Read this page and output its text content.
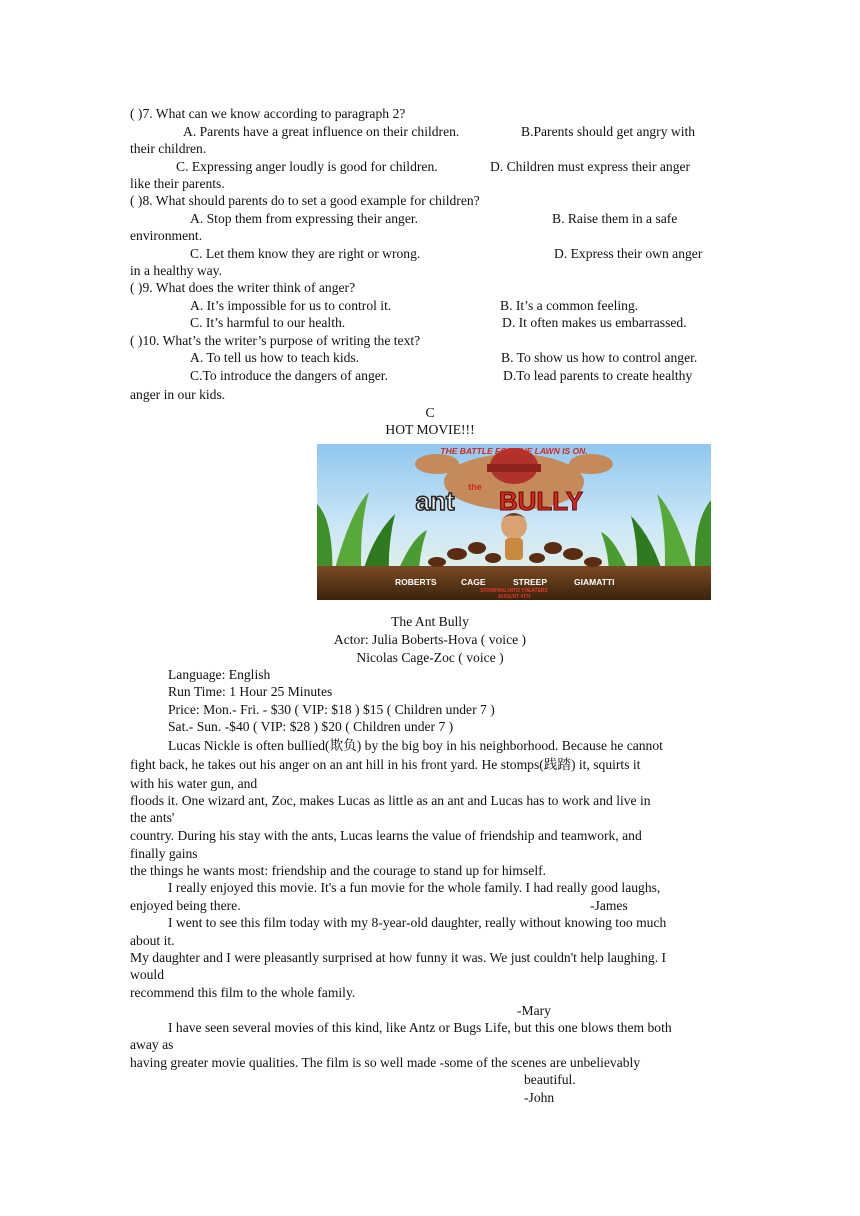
( )7. What can we know according to paragraph 2?
A. Parents have a great influence on their children.	B.Parents should get angry with
their children.
C. Expressing anger loudly is good for children.	D. Children must express their anger
like their parents.
( )8. What should parents do to set a good example for children?
A. Stop them from expressing their anger.	B. Raise them in a safe
environment.
C. Let them know they are right or wrong.	D. Express their own anger
in a healthy way.
( )9. What does the writer think of anger?
A. It’s impossible for us to control it.	B. It’s a common feeling.
C. It’s harmful to our health.	D. It often makes us embarrassed.
( )10. What’s the writer’s purpose of writing the text?
A. To tell us how to teach kids.	B. To show us how to control anger.
C.To introduce the dangers of anger.	D.To lead parents to create healthy
anger in our kids.
C
HOT MOVIE!!!
THE BATTLE FOR THE LAWN IS ON.
the
ant BULLY
ROBERTS	CAGE	STREEP	GIAMATTI
STOMPING INTO THEATERS
AUGUST 4TH
The Ant Bully
Actor: Julia Boberts-Hova ( voice )
Nicolas Cage-Zoc ( voice )
Language: English
Run Time: 1 Hour 25 Minutes
Price: Mon.- Fri. - $30 ( VIP: $18 ) $15 ( Children under 7 )
Sat.- Sun. -$40 ( VIP: $28 ) $20 ( Children under 7 )
Lucas Nickle is often bullied(欺负) by the big boy in his neighborhood. Because he cannot
fight back, he takes out his anger on an ant hill in his front yard. He stomps(践踏) it, squirts it
with his water gun, and
floods it. One wizard ant, Zoc, makes Lucas as little as an ant and Lucas has to work and live in
the ants'
country. During his stay with the ants, Lucas learns the value of friendship and teamwork, and
finally gains
the things he wants most: friendship and the courage to stand up for himself.
I really enjoyed this movie. It's a fun movie for the whole family. I had really good laughs,
enjoyed being there.	-James
I went to see this film today with my 8-year-old daughter, really without knowing too much
about it.
My daughter and I were pleasantly surprised at how funny it was. We just couldn't help laughing. I
would
recommend this film to the whole family.
-Mary
I have seen several movies of this kind, like Antz or Bugs Life, but this one blows them both
away as
having greater movie qualities. The film is so well made -some of the scenes are unbelievably
beautiful.
-John
